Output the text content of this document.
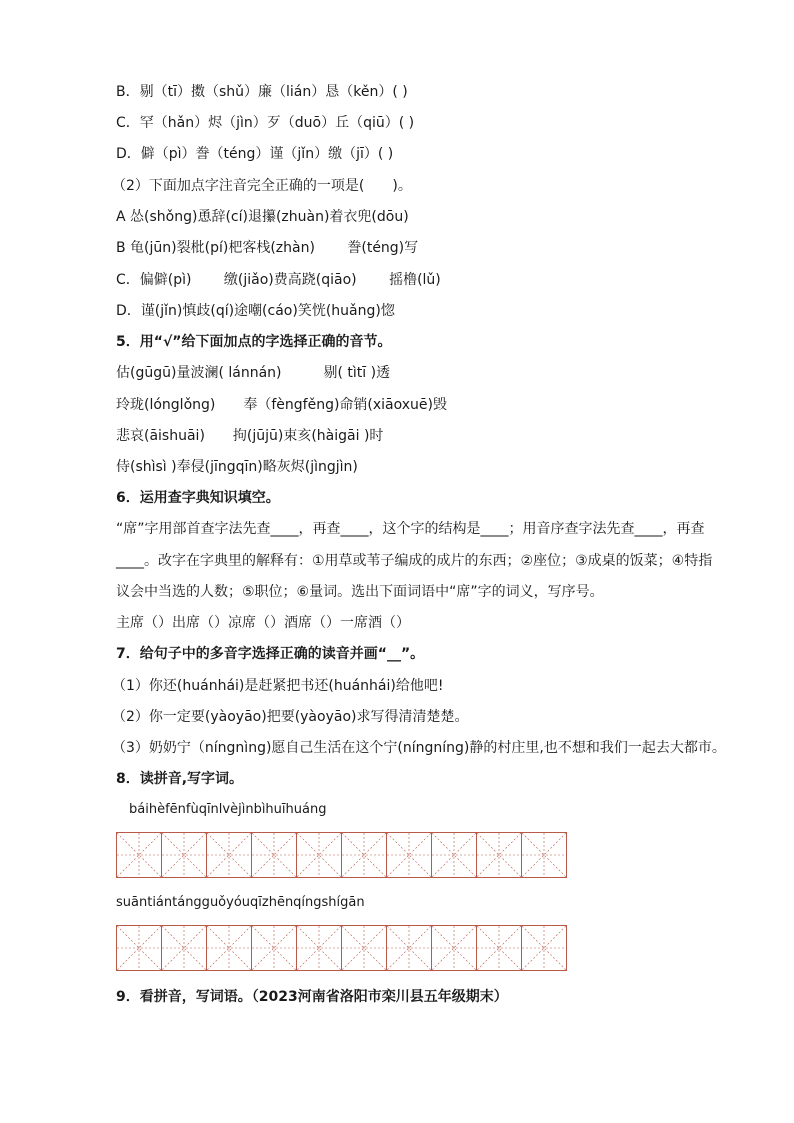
B．剔（tī）擞（shǔ）廉（lián）恳（kěn）( )
C．罕（hǎn）烬（jìn）歹（duō）丘（qiū）( )
D．僻（pì）誊（téng）谨（jǐn）缴（jī）( )
（2）下面加点字注音完全正确的一项是(　　)。
A 怂(shǒng)恿辞(cí)退攥(zhuàn)着衣兜(dōu)
B 龟(jūn)裂枇(pí)杷客栈(zhàn)　　 誊(téng)写
C．偏僻(pì)　　 缴(jiǎo)费高跷(qiāo)　　 摇橹(lǔ)
D．谨(jǐn)慎歧(qí)途嘲(cáo)笑恍(huǎng)惚
5．用“√”给下面加点的字选择正确的音节。
估(gūgū)量波澜( lánnán)　　　剔( tìtī )透
玲珑(lónglǒng)　　奉（fèngfěng)命销(xiāoxuē)毁
悲哀(āishuāi)　　拘(jūjū)束亥(hàigāi )时
侍(shìsì )奉侵(jīngqīn)略灰烬(jìngjìn)
6．运用查字典知识填空。
“席”字用部首查字法先查____，再查____，这个字的结构是____；用音序查字法先查____，再查____。改字在字典里的解释有：①用草或苇子编成的成片的东西；②座位；③成桌的饭菜；④特指议会中当选的人数；⑤职位；⑥量词。选出下面词语中“席”字的词义，写序号。
主席（）出席（）凉席（）酒席（）一席酒（）
7．给句子中的多音字选择正确的读音并画“__”。
（1）你还(huánhái)是赶紧把书还(huánhái)给他吧!
（2）你一定要(yàoyāo)把要(yàoyāo)求写得清清楚楚。
（3）奶奶宁（níngnìng)愿自己生活在这个宁(níngníng)静的村庄里,也不想和我们一起去大都市。
8．读拼音,写字词。
báihèfēnfùqīnlvèjìnbìhuīhuáng
suāntiántángguǒyóuqīzhēnqíngshígān
9．看拼音，写词语。（2023河南省洛阳市栾川县五年级期末）
